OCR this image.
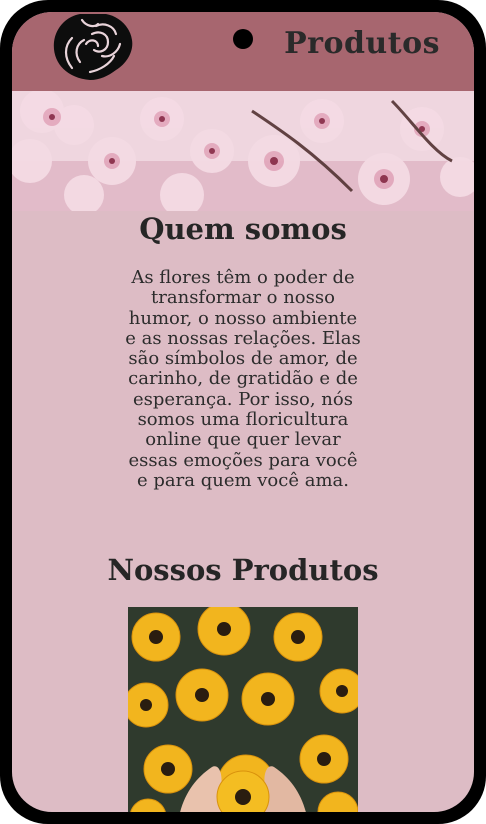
Produtos
Quem somos
As flores têm o poder de transformar o nosso humor, o nosso ambiente e as nossas relações. Elas são símbolos de amor, de carinho, de gratidão e de esperança. Por isso, nós somos uma floricultura online que quer levar essas emoções para você e para quem você ama.
Nossos Produtos
